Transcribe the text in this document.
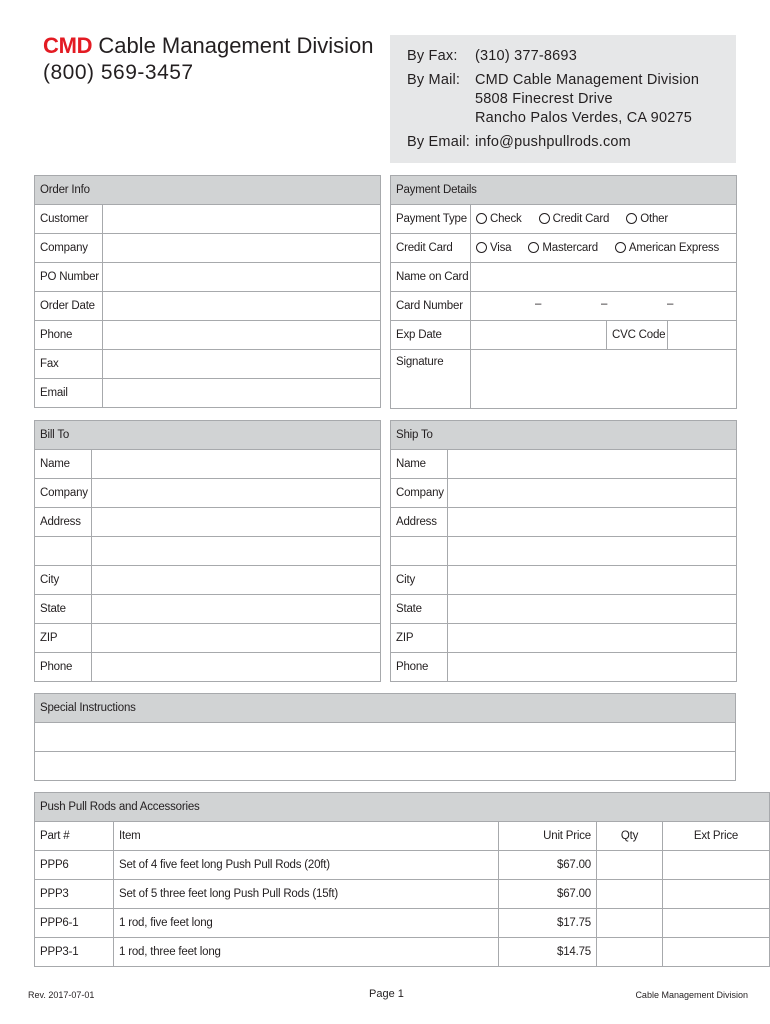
CMD Cable Management Division
(800) 569-3457
By Fax: (310) 377-8693
By Mail: CMD Cable Management Division
5808 Finecrest Drive
Rancho Palos Verdes, CA 90275
By Email: info@pushpullrods.com
Order Info	
Customer	
Company	
PO Number	
Order Date	
Phone	
Fax	
Email	
Payment Details			
Payment Type	Check Credit Card Other		
Credit Card	Visa Mastercard American Express		
Name on Card			
Card Number	– – –		

Exp Date		CVC Code	
Signature			
Bill To	
Name	
Company	
Address	

City	
State	
ZIP	
Phone	
Ship To	
Name	
Company	
Address	

City	
State	
ZIP	
Phone	
Special Instructions

Push Pull Rods and Accessories				
Part #	Item	Unit Price	Qty	Ext Price
PPP6	Set of 4 five feet long Push Pull Rods (20ft)	$67.00		
PPP3	Set of 5 three feet long Push Pull Rods (15ft)	$67.00		
PPP6-1	1 rod, five feet long	$17.75		
PPP3-1	1 rod, three feet long	$14.75		
Rev. 2017-07-01	Page 1	Cable Management Division
